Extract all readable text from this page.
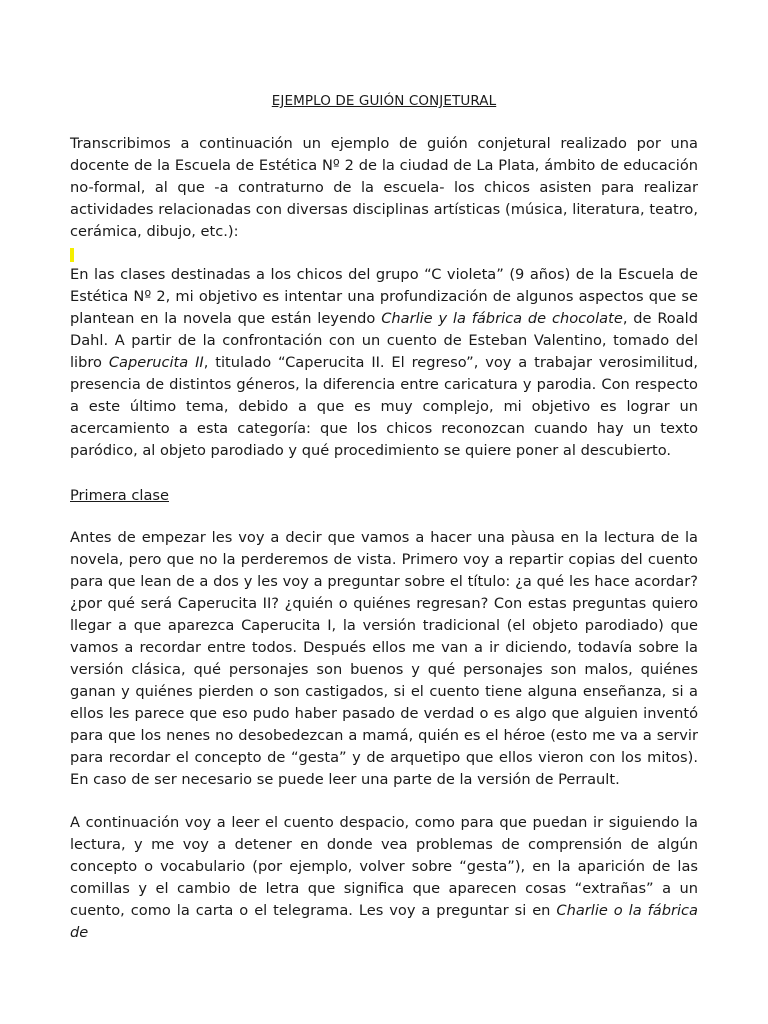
EJEMPLO DE GUIÓN CONJETURAL

Transcribimos a continuación un ejemplo de guión conjetural realizado por una docente de la Escuela de Estética Nº 2 de la ciudad de La Plata, ámbito de educación no-formal, al que -a contraturno de la escuela- los chicos asisten para realizar actividades relacionadas con diversas disciplinas artísticas (música, literatura, teatro, cerámica, dibujo, etc.):

En las clases destinadas a los chicos del grupo “C violeta” (9 años) de la Escuela de Estética Nº 2, mi objetivo es intentar una profundización de algunos aspectos que se plantean en la novela que están leyendo Charlie y la fábrica de chocolate, de Roald Dahl. A partir de la confrontación con un cuento de Esteban Valentino, tomado del libro Caperucita II, titulado “Caperucita II. El regreso”, voy a trabajar verosimilitud, presencia de distintos géneros, la diferencia entre caricatura y parodia. Con respecto a este último tema, debido a que es muy complejo, mi objetivo es lograr un acercamiento a esta categoría: que los chicos reconozcan cuando hay un texto paródico, al objeto parodiado y qué procedimiento se quiere poner al descubierto.

Primera clase

Antes de empezar les voy a decir que vamos a hacer una pàusa en la lectura de la novela, pero que no la perderemos de vista. Primero voy a repartir copias del cuento para que lean de a dos y les voy a preguntar sobre el título: ¿a qué les hace acordar? ¿por qué será Caperucita II? ¿quién o quiénes regresan? Con estas preguntas quiero llegar a que aparezca Caperucita I, la versión tradicional (el objeto parodiado) que vamos a recordar entre todos. Después ellos me van a ir diciendo, todavía sobre la versión clásica, qué personajes son buenos y qué personajes son malos, quiénes ganan y quiénes pierden o son castigados, si el cuento tiene alguna enseñanza, si a ellos les parece que eso pudo haber pasado de verdad o es algo que alguien inventó para que los nenes no desobedezcan a mamá, quién es el héroe (esto me va a servir para recordar el concepto de “gesta” y de arquetipo que ellos vieron con los mitos). En caso de ser necesario se puede leer una parte de la versión de Perrault.

A continuación voy a leer el cuento despacio, como para que puedan ir siguiendo la lectura, y me voy a detener en donde vea problemas de comprensión de algún concepto o vocabulario (por ejemplo, volver sobre “gesta”), en la aparición de las comillas y el cambio de letra que significa que aparecen cosas “extrañas” a un cuento, como la carta o el telegrama. Les voy a preguntar si en Charlie o la fábrica de
